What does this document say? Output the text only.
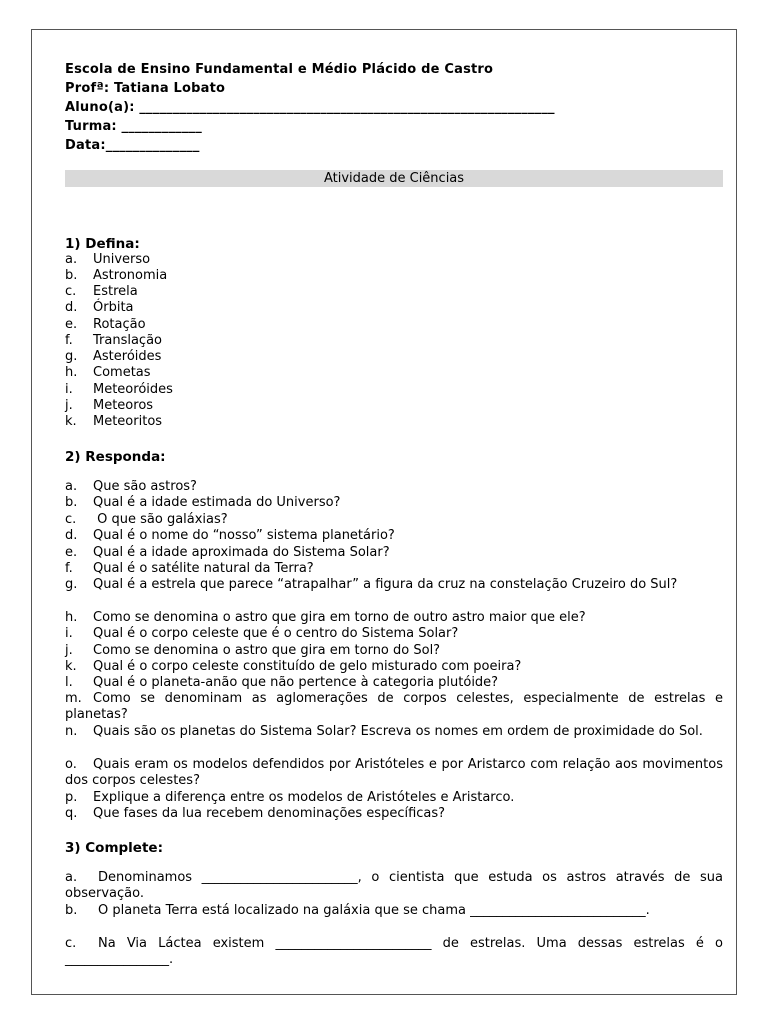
Escola de Ensino Fundamental e Médio Plácido de Castro
Profª: Tatiana Lobato
Aluno(a): ______________________________________________________________
Turma: ____________
Data:______________
Atividade de Ciências
1) Defina:
a. Universo
b. Astronomia
c. Estrela
d. Órbita
e. Rotação
f. Translação
g. Asteróides
h. Cometas
i. Meteoróides
j. Meteoros
k. Meteoritos
2) Responda:
a. Que são astros?
b. Qual é a idade estimada do Universo?
c. O que são galáxias?
d. Qual é o nome do “nosso” sistema planetário?
e. Qual é a idade aproximada do Sistema Solar?
f. Qual é o satélite natural da Terra?
g. Qual é a estrela que parece “atrapalhar” a figura da cruz na constelação Cruzeiro do Sul?
h. Como se denomina o astro que gira em torno de outro astro maior que ele?
i. Qual é o corpo celeste que é o centro do Sistema Solar?
j. Como se denomina o astro que gira em torno do Sol?
k. Qual é o corpo celeste constituído de gelo misturado com poeira?
l. Qual é o planeta-anão que não pertence à categoria plutóide?
m. Como se denominam as aglomerações de corpos celestes, especialmente de estrelas e planetas?
n. Quais são os planetas do Sistema Solar? Escreva os nomes em ordem de proximidade do Sol.
o. Quais eram os modelos defendidos por Aristóteles e por Aristarco com relação aos movimentos dos corpos celestes?
p. Explique a diferença entre os modelos de Aristóteles e Aristarco.
q. Que fases da lua recebem denominações específicas?
3) Complete:
a. Denominamos ________________________, o cientista que estuda os astros através de sua observação.
b. O planeta Terra está localizado na galáxia que se chama ___________________________.
c. Na Via Láctea existem ________________________ de estrelas. Uma dessas estrelas é o ________________.
